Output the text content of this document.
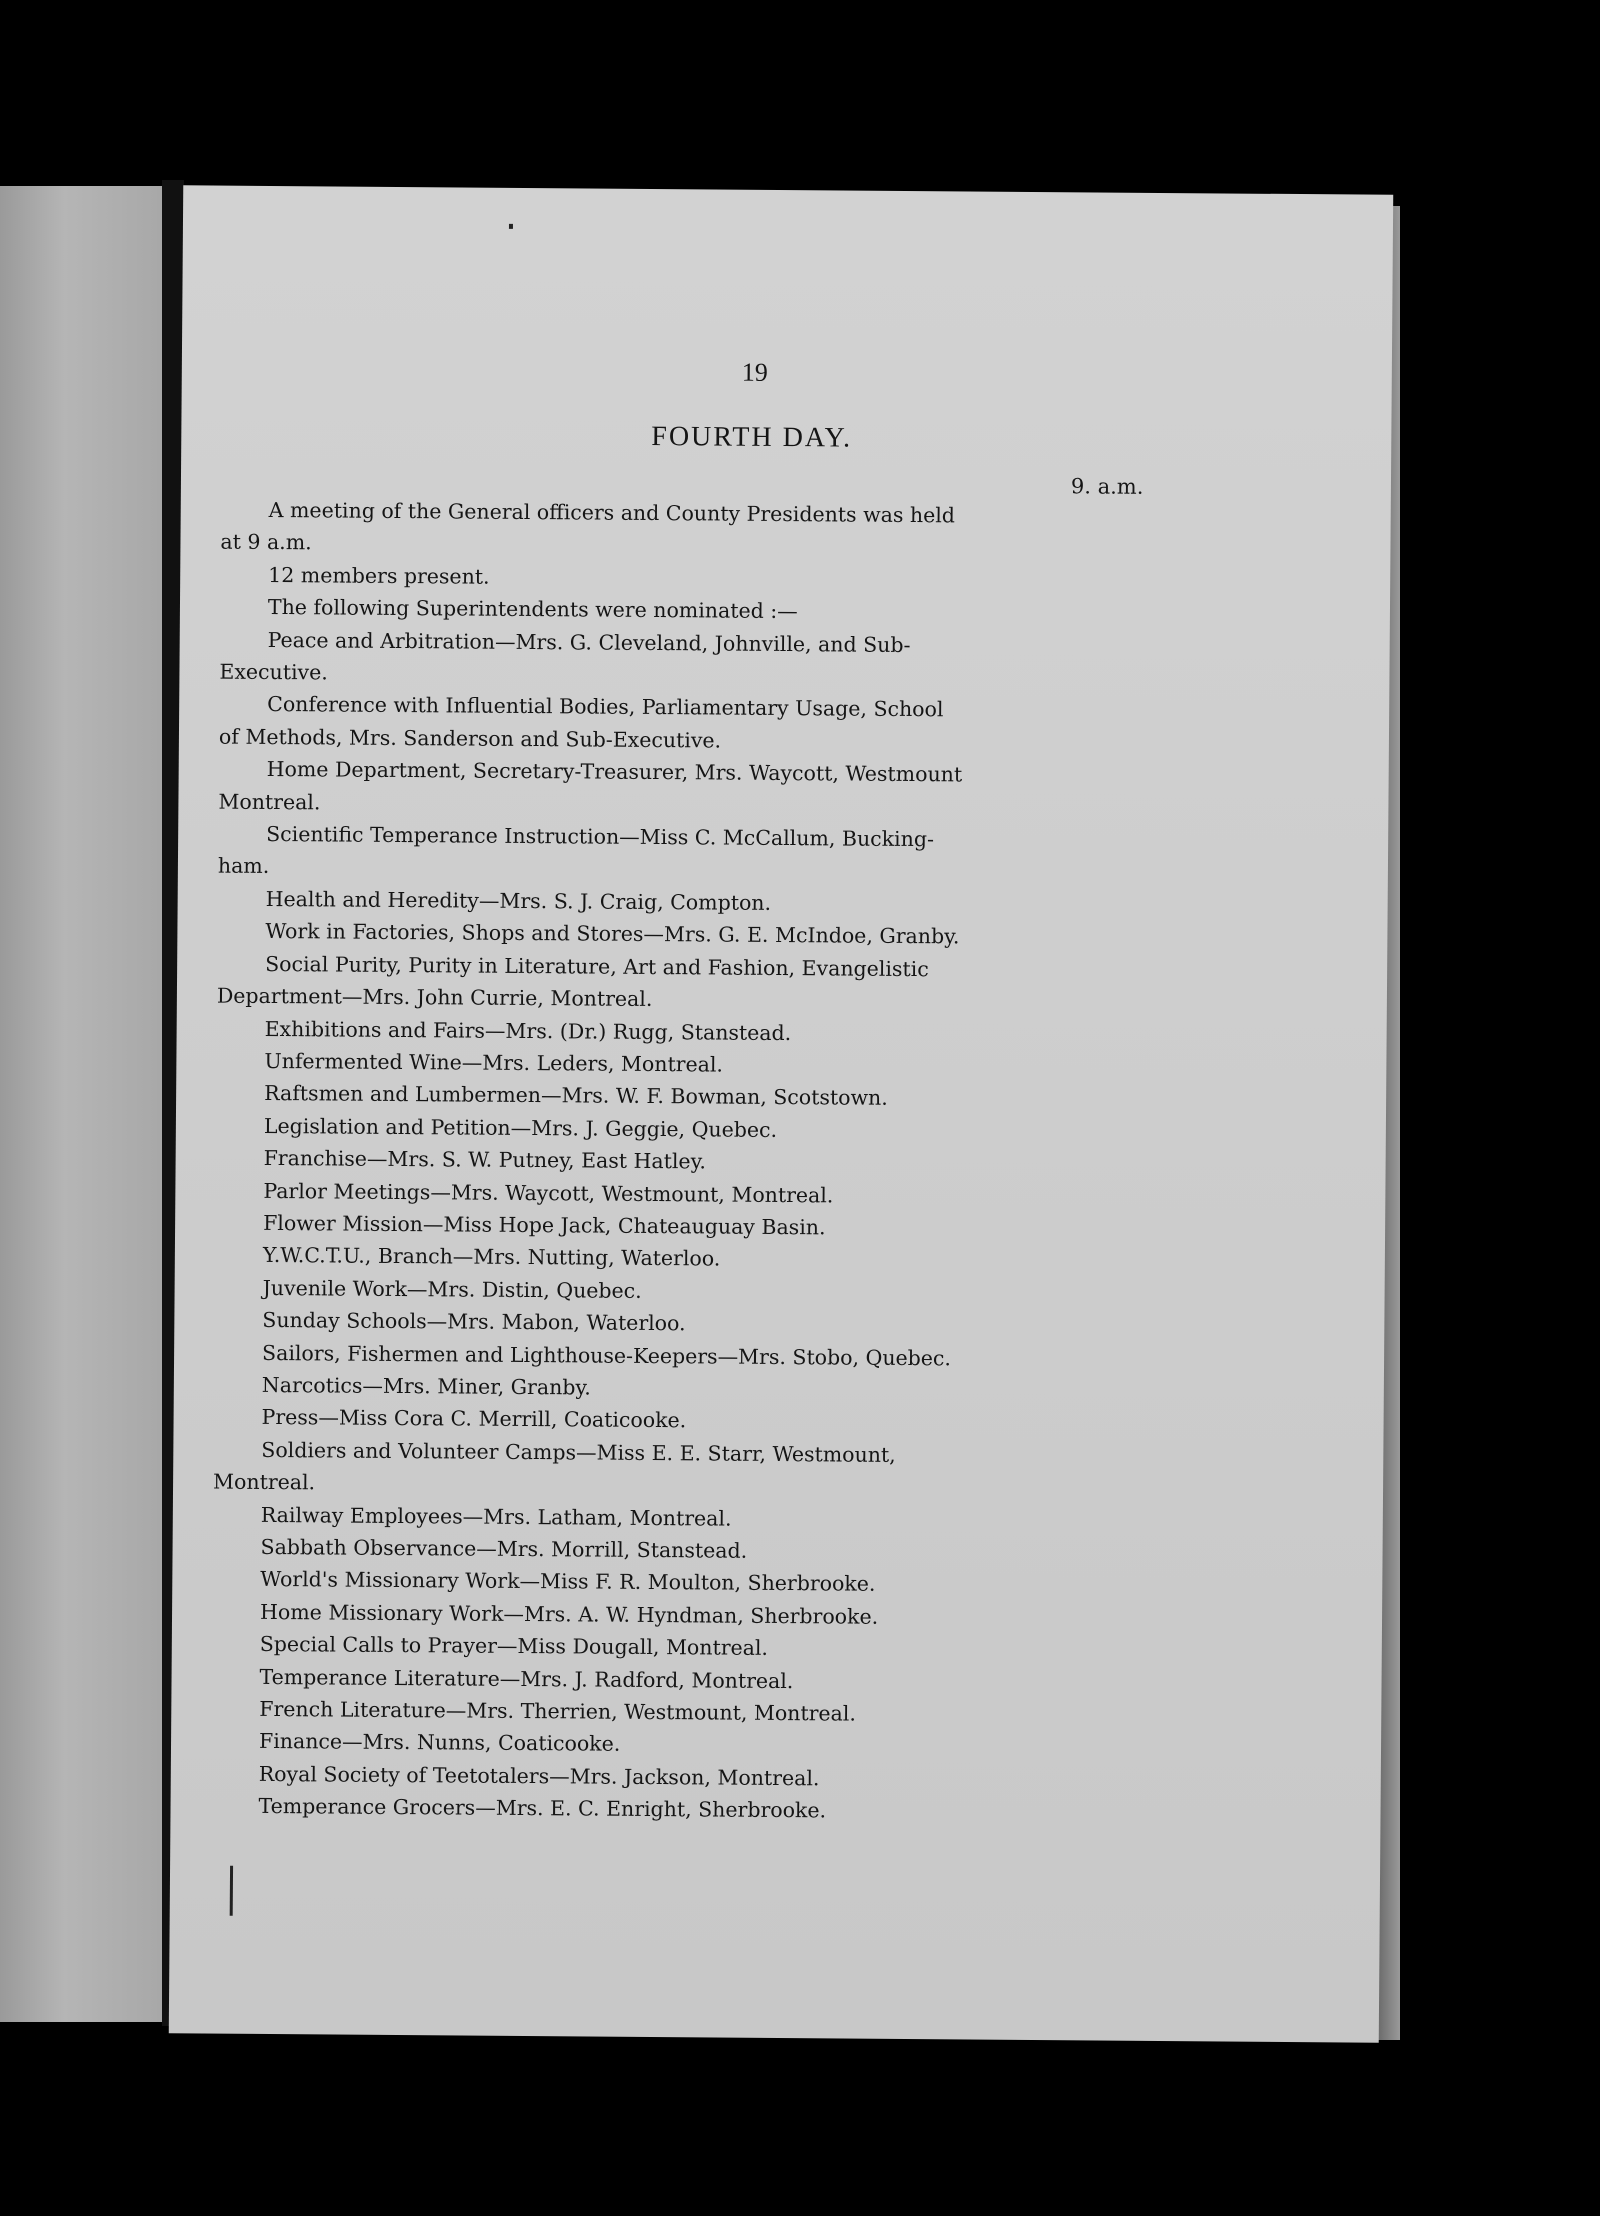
19
FOURTH DAY.
9. a.m.

A meeting of the General officers and County Presidents was held
at 9 a.m.

12 members present.

The following Superintendents were nominated :—

Peace and Arbitration—Mrs. G. Cleveland, Johnville, and Sub-
Executive.

Conference with Influential Bodies, Parliamentary Usage, School
of Methods, Mrs. Sanderson and Sub-Executive.

Home Department, Secretary-Treasurer, Mrs. Waycott, Westmount
Montreal.

Scientific Temperance Instruction—Miss C. McCallum, Bucking-
ham.

Health and Heredity—Mrs. S. J. Craig, Compton.

Work in Factories, Shops and Stores—Mrs. G. E. McIndoe, Granby.

Social Purity, Purity in Literature, Art and Fashion, Evangelistic
Department—Mrs. John Currie, Montreal.

Exhibitions and Fairs—Mrs. (Dr.) Rugg, Stanstead.

Unfermented Wine—Mrs. Leders, Montreal.

Raftsmen and Lumbermen—Mrs. W. F. Bowman, Scotstown.

Legislation and Petition—Mrs. J. Geggie, Quebec.

Franchise—Mrs. S. W. Putney, East Hatley.

Parlor Meetings—Mrs. Waycott, Westmount, Montreal.

Flower Mission—Miss Hope Jack, Chateauguay Basin.

Y.W.C.T.U., Branch—Mrs. Nutting, Waterloo.

Juvenile Work—Mrs. Distin, Quebec.

Sunday Schools—Mrs. Mabon, Waterloo.

Sailors, Fishermen and Lighthouse-Keepers—Mrs. Stobo, Quebec.

Narcotics—Mrs. Miner, Granby.

Press—Miss Cora C. Merrill, Coaticooke.

Soldiers and Volunteer Camps—Miss E. E. Starr, Westmount,
Montreal.

Railway Employees—Mrs. Latham, Montreal.

Sabbath Observance—Mrs. Morrill, Stanstead.

World's Missionary Work—Miss F. R. Moulton, Sherbrooke.

Home Missionary Work—Mrs. A. W. Hyndman, Sherbrooke.

Special Calls to Prayer—Miss Dougall, Montreal.

Temperance Literature—Mrs. J. Radford, Montreal.

French Literature—Mrs. Therrien, Westmount, Montreal.

Finance—Mrs. Nunns, Coaticooke.

Royal Society of Teetotalers—Mrs. Jackson, Montreal.

Temperance Grocers—Mrs. E. C. Enright, Sherbrooke.
